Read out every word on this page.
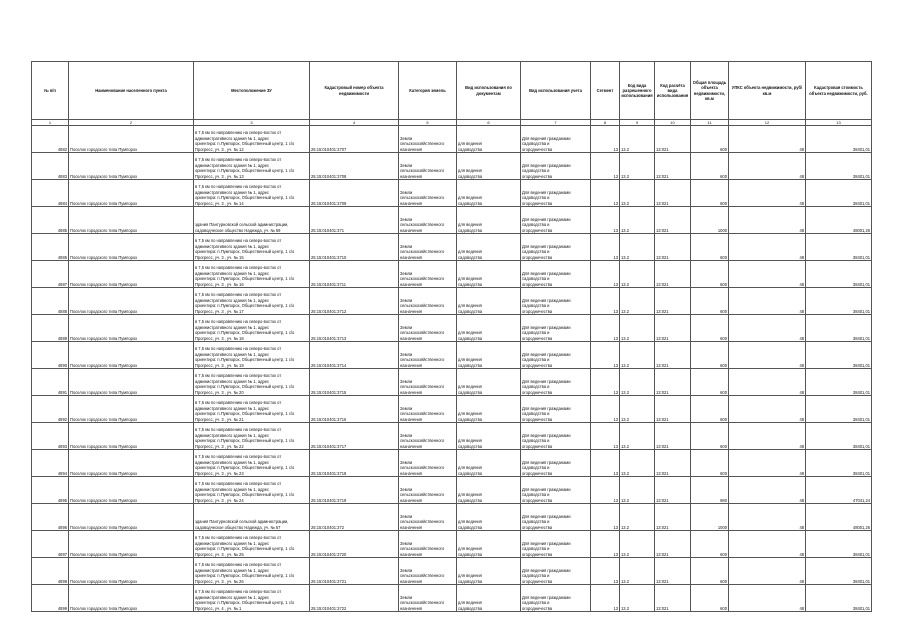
№ п/п	Наименование населенного пункта	Местоположение ЗУ	Кадастровый номер объекта недвижимости	Категория земель	Вид использования по документам	Вид использования учета	Сегмент	Код вида разрешенного использования	Код расчёта вида использования	Общая площадь объекта недвижимости, кв.м	УПКС объекта недвижимости, руб/кв.м	Кадастровая стоимость объекта недвижимости, руб.
1	2	3	4	5	6	7	8	9	10	11	12	13
4882	Поселок городского типа Пумпорох	в 7,5 км по направлению на северо-восток от
административного здания № 1, адрес
ориентира: п.Пумпорох, Общественный центр, 1 с/о
Прогресс, уч. 3 , уч. № 12	25:15:010401:3707	Земли
сельскохозяйственного
назначения	для ведения
садоводства	Для ведения гражданами
садоводства и
огородничества	13	13.2	13:021	600	48	38401,01
4883	Поселок городского типа Пумпорох	в 7,5 км по направлению на северо-восток от
административного здания № 1, адрес
ориентира: п.Пумпорох, Общественный центр, 1 с/о
Прогресс, уч. 3 , уч. № 13	25:15:010401:3708	Земли
сельскохозяйственного
назначения	для ведения
садоводства	Для ведения гражданами
садоводства и
огородничества	13	13.2	13:021	600	48	38401,01
4884	Поселок городского типа Пумпорох	в 7,5 км по направлению на северо-восток от
административного здания № 1, адрес
ориентира: п.Пумпорох, Общественный центр, 1 с/о
Прогресс, уч. 3 , уч. № 14	25:15:010401:3709	Земли
сельскохозяйственного
назначения	для ведения
садоводства	Для ведения гражданами
садоводства и
огородничества	13	13.2	13:021	600	48	38401,01
4885	Поселок городского типа Пумпорох	здания Пантурновской сельской администрации,
садоводческое общество Надежда, уч. № 59	25:15:010401:371	Земли
сельскохозяйственного
назначения	для ведения
садоводства	Для ведения гражданами
садоводства и
огородничества	13	13.2	13:021	1000	48	48001,26
4886	Поселок городского типа Пумпорох	в 7,5 км по направлению на северо-восток от
административного здания № 1, адрес
ориентира: п.Пумпорох, Общественный центр, 1 с/о
Прогресс, уч. 3 , уч. № 15	25:15:010401:3710	Земли
сельскохозяйственного
назначения	для ведения
садоводства	Для ведения гражданами
садоводства и
огородничества	13	13.2	13:021	600	48	38401,01
4887	Поселок городского типа Пумпорох	в 7,5 км по направлению на северо-восток от
административного здания № 1, адрес
ориентира: п.Пумпорох, Общественный центр, 1 с/о
Прогресс, уч. 3 , уч. № 16	25:15:010401:3711	Земли
сельскохозяйственного
назначения	для ведения
садоводства	Для ведения гражданами
садоводства и
огородничества	13	13.2	13:021	600	48	38401,01
4888	Поселок городского типа Пумпорох	в 7,5 км по направлению на северо-восток от
административного здания № 1, адрес
ориентира: п.Пумпорох, Общественный центр, 1 с/о
Прогресс, уч. 3 , уч. № 17	25:15:010401:3712	Земли
сельскохозяйственного
назначения	для ведения
садоводства	Для ведения гражданами
садоводства и
огородничества	13	13.2	13:021	600	48	38401,01
4889	Поселок городского типа Пумпорох	в 7,5 км по направлению на северо-восток от
административного здания № 1, адрес
ориентира: п.Пумпорох, Общественный центр, 1 с/о
Прогресс, уч. 3 , уч. № 18	25:15:010401:3713	Земли
сельскохозяйственного
назначения	для ведения
садоводства	Для ведения гражданами
садоводства и
огородничества	13	13.2	13:021	600	48	38401,01
4890	Поселок городского типа Пумпорох	в 7,5 км по направлению на северо-восток от
административного здания № 1, адрес
ориентира: п.Пумпорох, Общественный центр, 1 с/о
Прогресс, уч. 3 , уч. № 19	25:15:010401:3714	Земли
сельскохозяйственного
назначения	для ведения
садоводства	Для ведения гражданами
садоводства и
огородничества	13	13.2	13:021	600	48	38401,01
4891	Поселок городского типа Пумпорох	в 7,5 км по направлению на северо-восток от
административного здания № 1, адрес
ориентира: п.Пумпорох, Общественный центр, 1 с/о
Прогресс, уч. 3 , уч. № 20	25:15:010401:3715	Земли
сельскохозяйственного
назначения	для ведения
садоводства	Для ведения гражданами
садоводства и
огородничества	13	13.2	13:021	600	48	38401,01
4892	Поселок городского типа Пумпорох	в 7,5 км по направлению на северо-восток от
административного здания № 1, адрес
ориентира: п.Пумпорох, Общественный центр, 1 с/о
Прогресс, уч. 3 , уч. № 21	25:15:010401:3716	Земли
сельскохозяйственного
назначения	для ведения
садоводства	Для ведения гражданами
садоводства и
огородничества	13	13.2	13:021	600	48	38401,01
4893	Поселок городского типа Пумпорох	в 7,5 км по направлению на северо-восток от
административного здания № 1, адрес
ориентира: п.Пумпорох, Общественный центр, 1 с/о
Прогресс, уч. 3 , уч. № 22	25:15:010401:3717	Земли
сельскохозяйственного
назначения	для ведения
садоводства	Для ведения гражданами
садоводства и
огородничества	13	13.2	13:021	600	48	38401,01
4894	Поселок городского типа Пумпорох	в 7,5 км по направлению на северо-восток от
административного здания № 1, адрес
ориентира: п.Пумпорох, Общественный центр, 1 с/о
Прогресс, уч. 3 , уч. № 23	25:15:010401:3718	Земли
сельскохозяйственного
назначения	для ведения
садоводства	Для ведения гражданами
садоводства и
огородничества	13	13.2	13:021	600	48	38401,01
4895	Поселок городского типа Пумпорох	в 7,5 км по направлению на северо-восток от
административного здания № 1, адрес
ориентира: п.Пумпорох, Общественный центр, 1 с/о
Прогресс, уч. 3 , уч. № 24	25:15:010401:3719	Земли
сельскохозяйственного
назначения	для ведения
садоводства	Для ведения гражданами
садоводства и
огородничества	13	13.2	13:021	980	48	47041,24
4896	Поселок городского типа Пумпорох	здания Пантурновской сельской администрации,
садоводческое общество Надежда, уч. № 57	25:15:010401:372	Земли
сельскохозяйственного
назначения	для ведения
садоводства	Для ведения гражданами
садоводства и
огородничества	13	13.2	13:021	1000	48	48001,26
4897	Поселок городского типа Пумпорох	в 7,5 км по направлению на северо-восток от
административного здания № 1, адрес
ориентира: п.Пумпорох, Общественный центр, 1 с/о
Прогресс, уч. 3 , уч. № 25	25:15:010401:3720	Земли
сельскохозяйственного
назначения	для ведения
садоводства	Для ведения гражданами
садоводства и
огородничества	13	13.2	13:021	600	48	38401,01
4898	Поселок городского типа Пумпорох	в 7,5 км по направлению на северо-восток от
административного здания № 1, адрес
ориентира: п.Пумпорох, Общественный центр, 1 с/о
Прогресс, уч. 3 , уч. № 26	25:15:010401:3721	Земли
сельскохозяйственного
назначения	для ведения
садоводства	Для ведения гражданами
садоводства и
огородничества	13	13.2	13:021	600	48	38401,01
4899	Поселок городского типа Пумпорох	в 7,5 км по направлению на северо-восток от
административного здания № 1, адрес
ориентира: п.Пумпорох, Общественный центр, 1 с/о
Прогресс, уч. 4 , уч. № 1	25:15:010401:3722	Земли
сельскохозяйственного
назначения	для ведения
садоводства	Для ведения гражданами
садоводства и
огородничества	13	13.2	13:021	600	48	38401,01
